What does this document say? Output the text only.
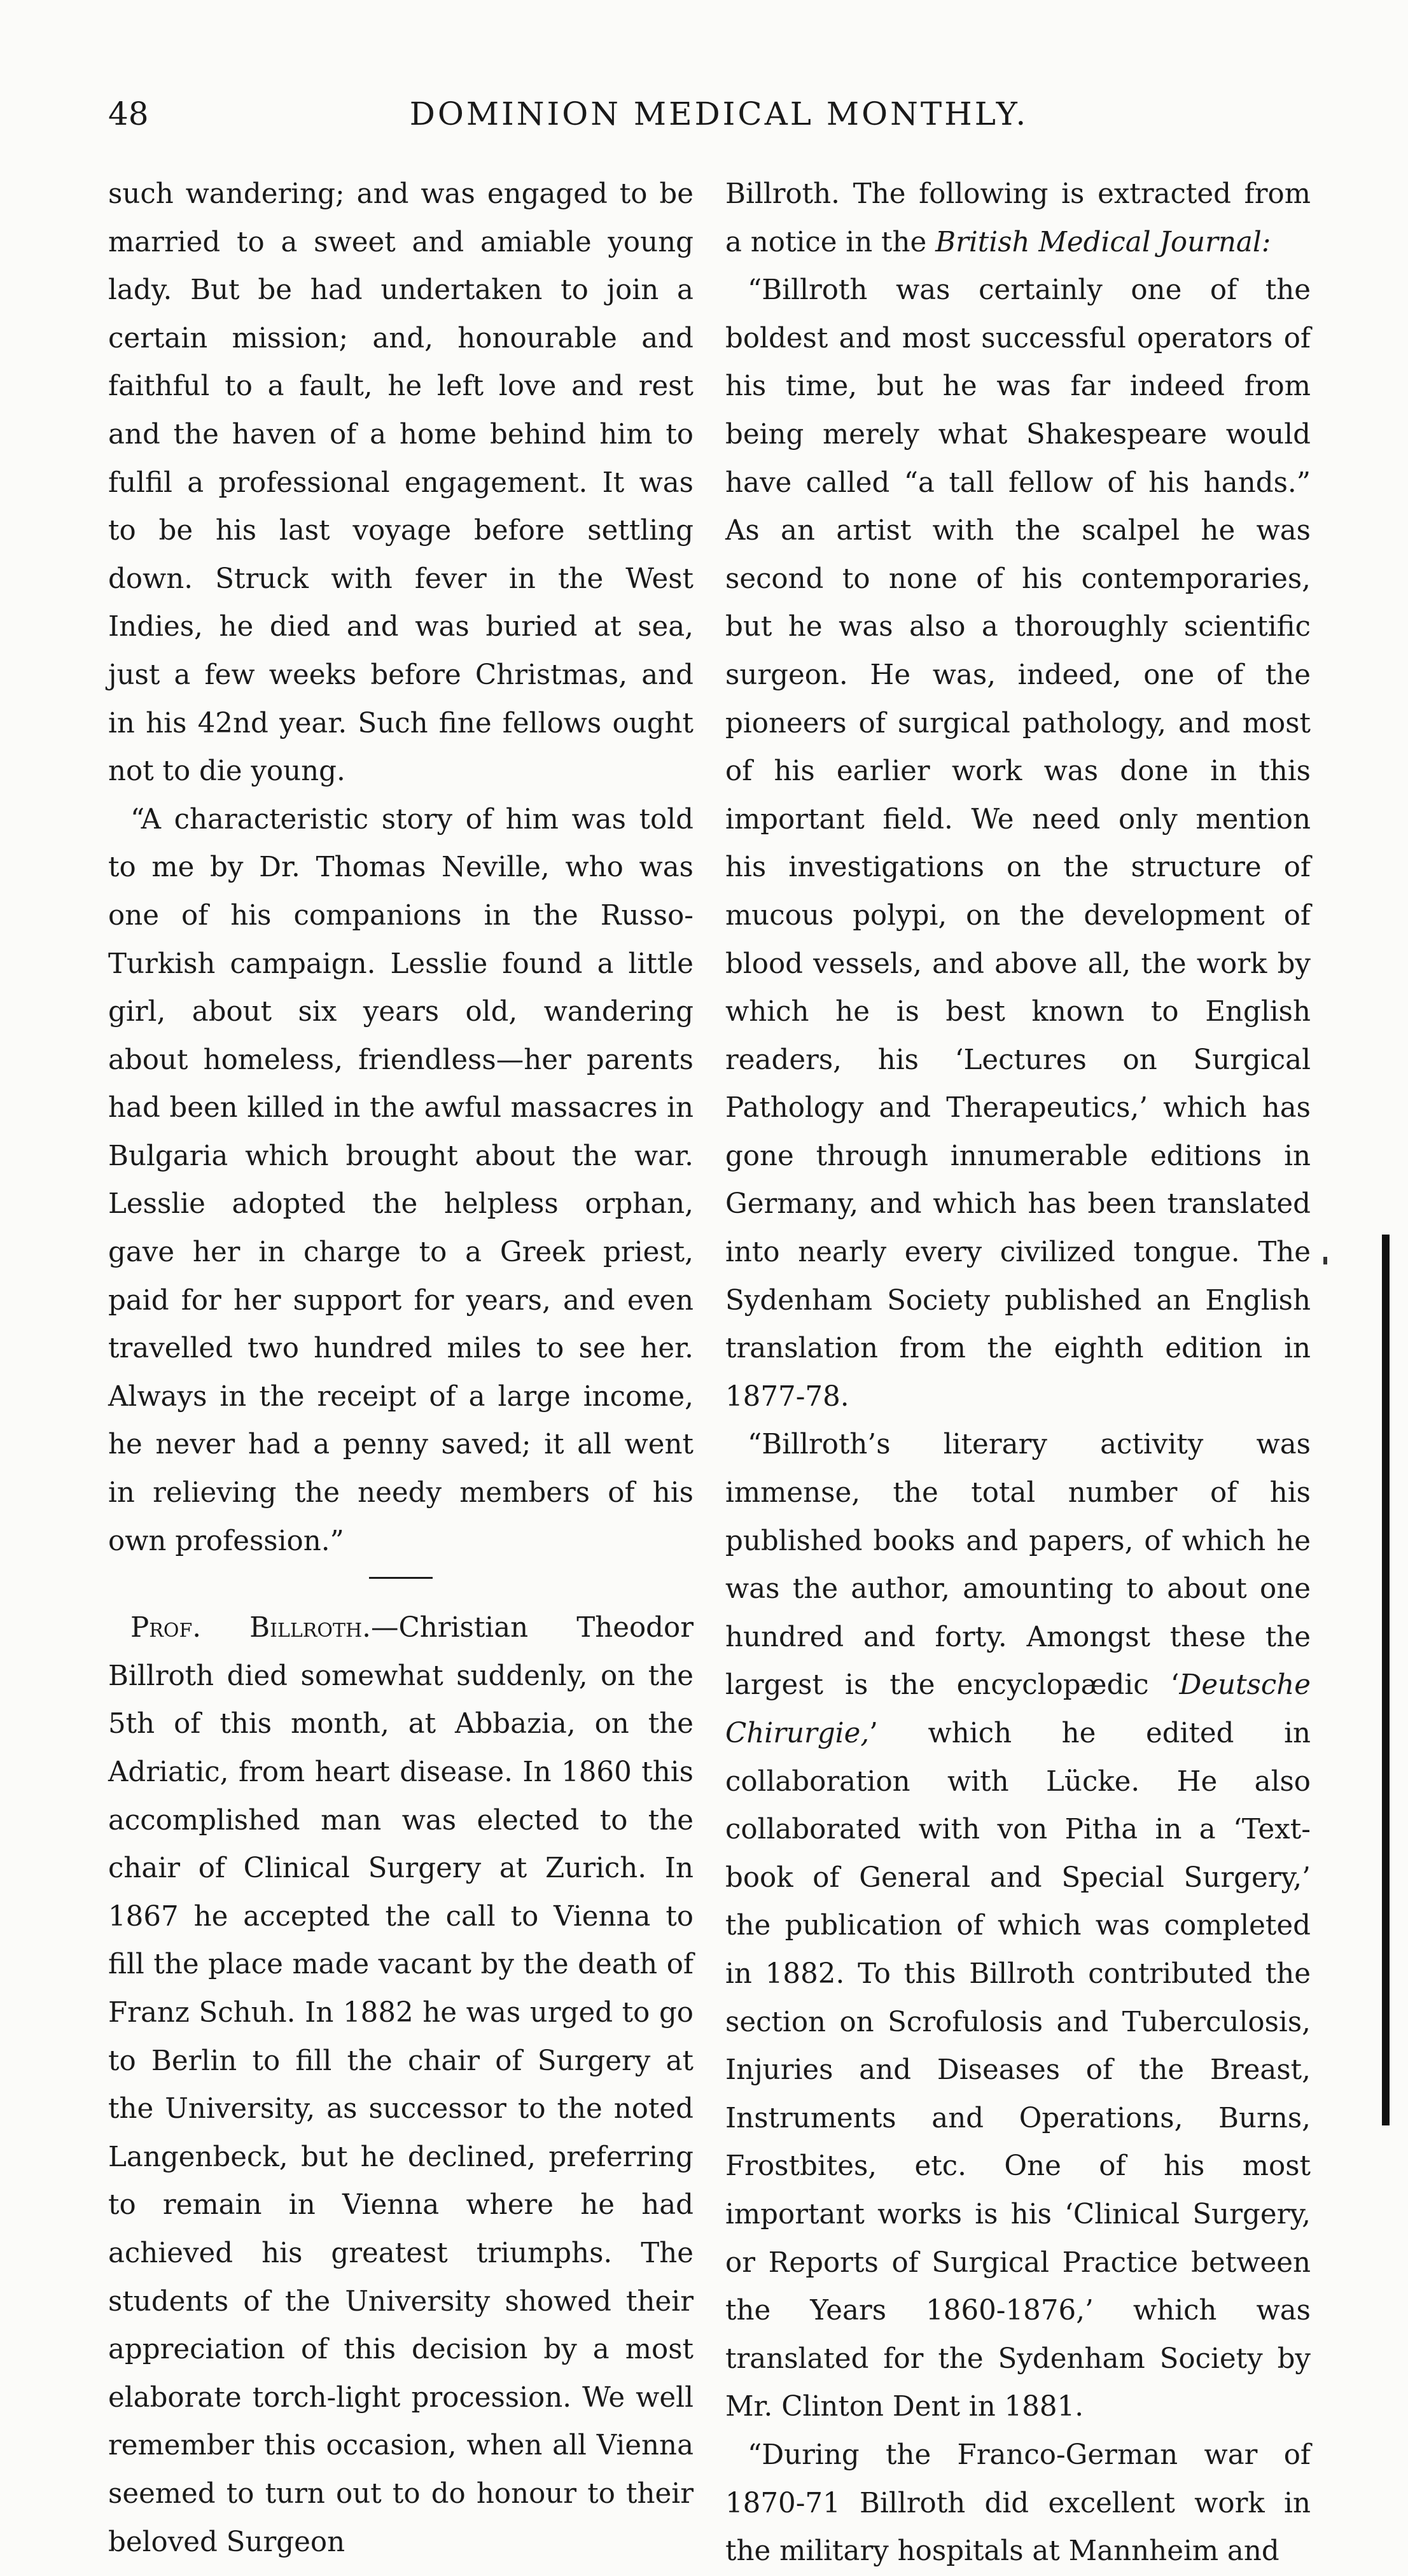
48	DOMINION MEDICAL MONTHLY.

such wandering; and was engaged to be married to a sweet and amiable young lady. But be had undertaken to join a certain mission; and, honourable and faithful to a fault, he left love and rest and the haven of a home behind him to fulfil a professional engagement. It was to be his last voyage before settling down. Struck with fever in the West Indies, he died and was buried at sea, just a few weeks before Christmas, and in his 42nd year. Such fine fellows ought not to die young.

“A characteristic story of him was told to me by Dr. Thomas Neville, who was one of his companions in the Russo-Turkish campaign. Lesslie found a little girl, about six years old, wandering about homeless, friendless—her parents had been killed in the awful massacres in Bulgaria which brought about the war. Lesslie adopted the helpless orphan, gave her in charge to a Greek priest, paid for her support for years, and even travelled two hundred miles to see her. Always in the receipt of a large income, he never had a penny saved; it all went in relieving the needy members of his own profession.”

Prof. Billroth.—Christian Theodor Billroth died somewhat suddenly, on the 5th of this month, at Abbazia, on the Adriatic, from heart disease. In 1860 this accomplished man was elected to the chair of Clinical Surgery at Zurich. In 1867 he accepted the call to Vienna to fill the place made vacant by the death of Franz Schuh. In 1882 he was urged to go to Berlin to fill the chair of Surgery at the University, as successor to the noted Langenbeck, but he declined, preferring to remain in Vienna where he had achieved his greatest triumphs. The students of the University showed their appreciation of this decision by a most elaborate torch-light procession. We well remember this occasion, when all Vienna seemed to turn out to do honour to their beloved Surgeon

Billroth. The following is extracted from a notice in the British Medical Journal:

“Billroth was certainly one of the boldest and most successful operators of his time, but he was far indeed from being merely what Shakespeare would have called “a tall fellow of his hands.” As an artist with the scalpel he was second to none of his contemporaries, but he was also a thoroughly scientific surgeon. He was, indeed, one of the pioneers of surgical pathology, and most of his earlier work was done in this important field. We need only mention his investigations on the structure of mucous polypi, on the development of blood vessels, and above all, the work by which he is best known to English readers, his ‘Lectures on Surgical Pathology and Therapeutics,’ which has gone through innumerable editions in Germany, and which has been translated into nearly every civilized tongue. The Sydenham Society published an English translation from the eighth edition in 1877-78.

“Billroth’s literary activity was immense, the total number of his published books and papers, of which he was the author, amounting to about one hundred and forty. Amongst these the largest is the encyclopædic ‘Deutsche Chirurgie,’ which he edited in collaboration with Lücke. He also collaborated with von Pitha in a ‘Text-book of General and Special Surgery,’ the publication of which was completed in 1882. To this Billroth contributed the section on Scrofulosis and Tuberculosis, Injuries and Diseases of the Breast, Instruments and Operations, Burns, Frostbites, etc. One of his most important works is his ‘Clinical Surgery, or Reports of Surgical Practice between the Years 1860-1876,’ which was translated for the Sydenham Society by Mr. Clinton Dent in 1881.

“During the Franco-German war of 1870-71 Billroth did excellent work in the military hospitals at Mannheim and
